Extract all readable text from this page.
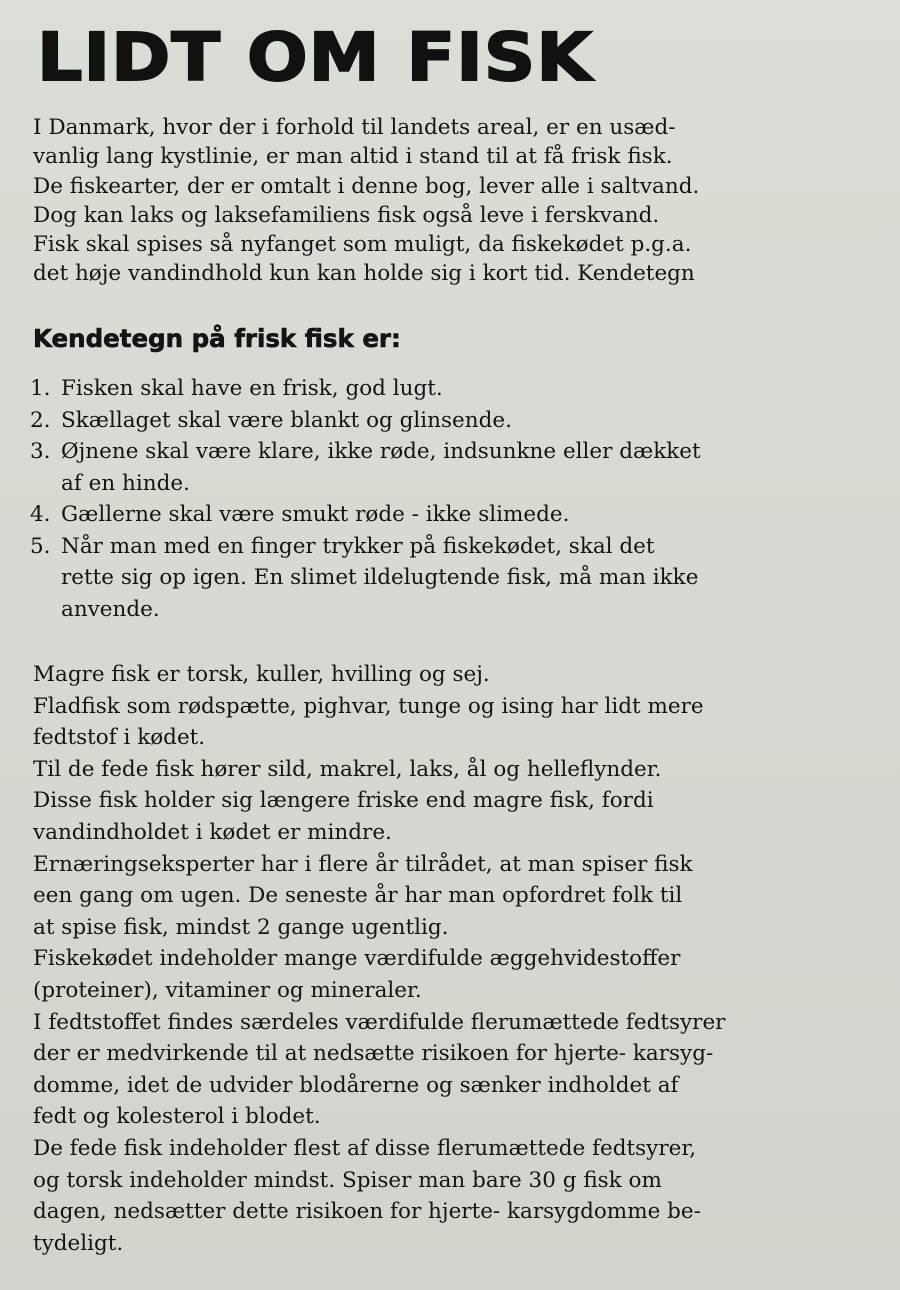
LIDT OM FISK

I Danmark, hvor der i forhold til landets areal, er en usæd-
vanlig lang kystlinie, er man altid i stand til at få frisk fisk.
De fiskearter, der er omtalt i denne bog, lever alle i saltvand.
Dog kan laks og laksefamiliens fisk også leve i ferskvand.
Fisk skal spises så nyfanget som muligt, da fiskekødet p.g.a.
det høje vandindhold kun kan holde sig i kort tid. Kendetegn

Kendetegn på frisk fisk er:
1. Fisken skal have en frisk, god lugt.
2. Skællaget skal være blankt og glinsende.
3. Øjnene skal være klare, ikke røde, indsunkne eller dækket
af en hinde.
4. Gællerne skal være smukt røde - ikke slimede.
5. Når man med en finger trykker på fiskekødet, skal det
rette sig op igen. En slimet ildelugtende fisk, må man ikke
anvende.

Magre fisk er torsk, kuller, hvilling og sej.

Fladfisk som rødspætte, pighvar, tunge og ising har lidt mere
fedtstof i kødet.

Til de fede fisk hører sild, makrel, laks, ål og helleflynder.

Disse fisk holder sig længere friske end magre fisk, fordi
vandindholdet i kødet er mindre.

Ernæringseksperter har i flere år tilrådet, at man spiser fisk
een gang om ugen. De seneste år har man opfordret folk til
at spise fisk, mindst 2 gange ugentlig.

Fiskekødet indeholder mange værdifulde æggehvidestoffer
(proteiner), vitaminer og mineraler.

I fedtstoffet findes særdeles værdifulde flerumættede fedtsyrer
der er medvirkende til at nedsætte risikoen for hjerte- karsyg-
domme, idet de udvider blodårerne og sænker indholdet af
fedt og kolesterol i blodet.

De fede fisk indeholder flest af disse flerumættede fedtsyrer,
og torsk indeholder mindst. Spiser man bare 30 g fisk om
dagen, nedsætter dette risikoen for hjerte- karsygdomme be-
tydeligt.
